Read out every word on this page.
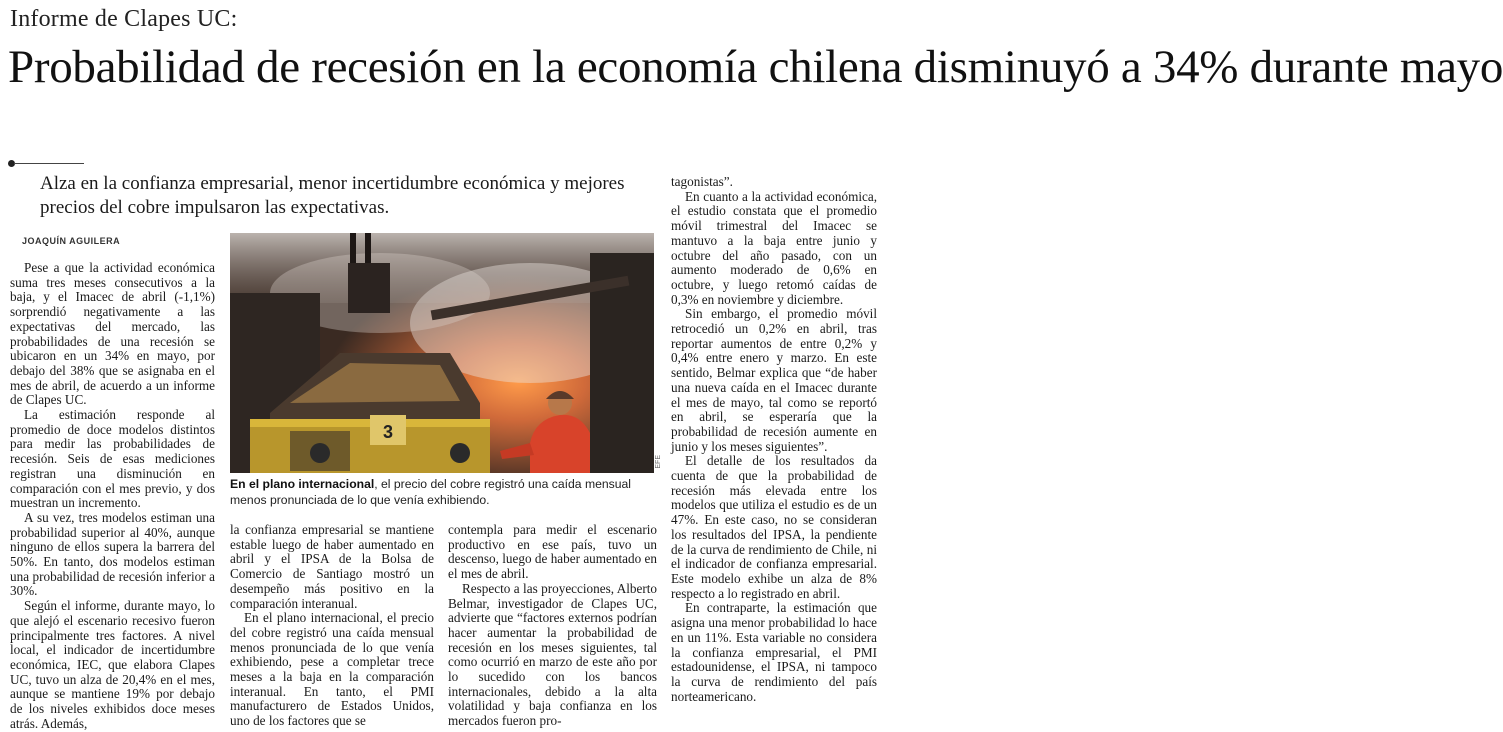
Informe de Clapes UC:
Probabilidad de recesión en la economía chilena disminuyó a 34% durante mayo
Alza en la confianza empresarial, menor incertidumbre económica y mejores precios del cobre impulsaron las expectativas.
JOAQUÍN AGUILERA
3
EFE
En el plano internacional, el precio del cobre registró una caída mensual menos pronunciada de lo que venía exhibiendo.

Pese a que la actividad económica suma tres meses consecutivos a la baja, y el Imacec de abril (-1,1%) sorprendió negativamente a las expectativas del mercado, las probabilidades de una recesión se ubicaron en un 34% en mayo, por debajo del 38% que se asignaba en el mes de abril, de acuerdo a un informe de Clapes UC.

La estimación responde al promedio de doce modelos distintos para medir las probabilidades de recesión. Seis de esas mediciones registran una disminución en comparación con el mes previo, y dos muestran un incremento.

A su vez, tres modelos estiman una probabilidad superior al 40%, aunque ninguno de ellos supera la barrera del 50%. En tanto, dos modelos estiman una probabilidad de recesión inferior a 30%.

Según el informe, durante mayo, lo que alejó el escenario recesivo fueron principalmente tres factores. A nivel local, el indicador de incertidumbre económica, IEC, que elabora Clapes UC, tuvo un alza de 20,4% en el mes, aunque se mantiene 19% por debajo de los niveles exhibidos doce meses atrás. Además,

la confianza empresarial se mantiene estable luego de haber aumentado en abril y el IPSA de la Bolsa de Comercio de Santiago mostró un desempeño más positivo en la comparación interanual.

En el plano internacional, el precio del cobre registró una caída mensual menos pronunciada de lo que venía exhibiendo, pese a completar trece meses a la baja en la comparación interanual. En tanto, el PMI manufacturero de Estados Unidos, uno de los factores que se

contempla para medir el escenario productivo en ese país, tuvo un descenso, luego de haber aumentado en el mes de abril.

Respecto a las proyecciones, Alberto Belmar, investigador de Clapes UC, advierte que “factores externos podrían hacer aumentar la probabilidad de recesión en los meses siguientes, tal como ocurrió en marzo de este año por lo sucedido con los bancos internacionales, debido a la alta volatilidad y baja confianza en los mercados fueron pro-

tagonistas”.

En cuanto a la actividad económica, el estudio constata que el promedio móvil trimestral del Imacec se mantuvo a la baja entre junio y octubre del año pasado, con un aumento moderado de 0,6% en octubre, y luego retomó caídas de 0,3% en noviembre y diciembre.

Sin embargo, el promedio móvil retrocedió un 0,2% en abril, tras reportar aumentos de entre 0,2% y 0,4% entre enero y marzo. En este sentido, Belmar explica que “de haber una nueva caída en el Imacec durante el mes de mayo, tal como se reportó en abril, se esperaría que la probabilidad de recesión aumente en junio y los meses siguientes”.

El detalle de los resultados da cuenta de que la probabilidad de recesión más elevada entre los modelos que utiliza el estudio es de un 47%. En este caso, no se consideran los resultados del IPSA, la pendiente de la curva de rendimiento de Chile, ni el indicador de confianza empresarial. Este modelo exhibe un alza de 8% respecto a lo registrado en abril.

En contraparte, la estimación que asigna una menor probabilidad lo hace en un 11%. Esta variable no considera la confianza empresarial, el PMI estadounidense, el IPSA, ni tampoco la curva de rendimiento del país norteamericano.
